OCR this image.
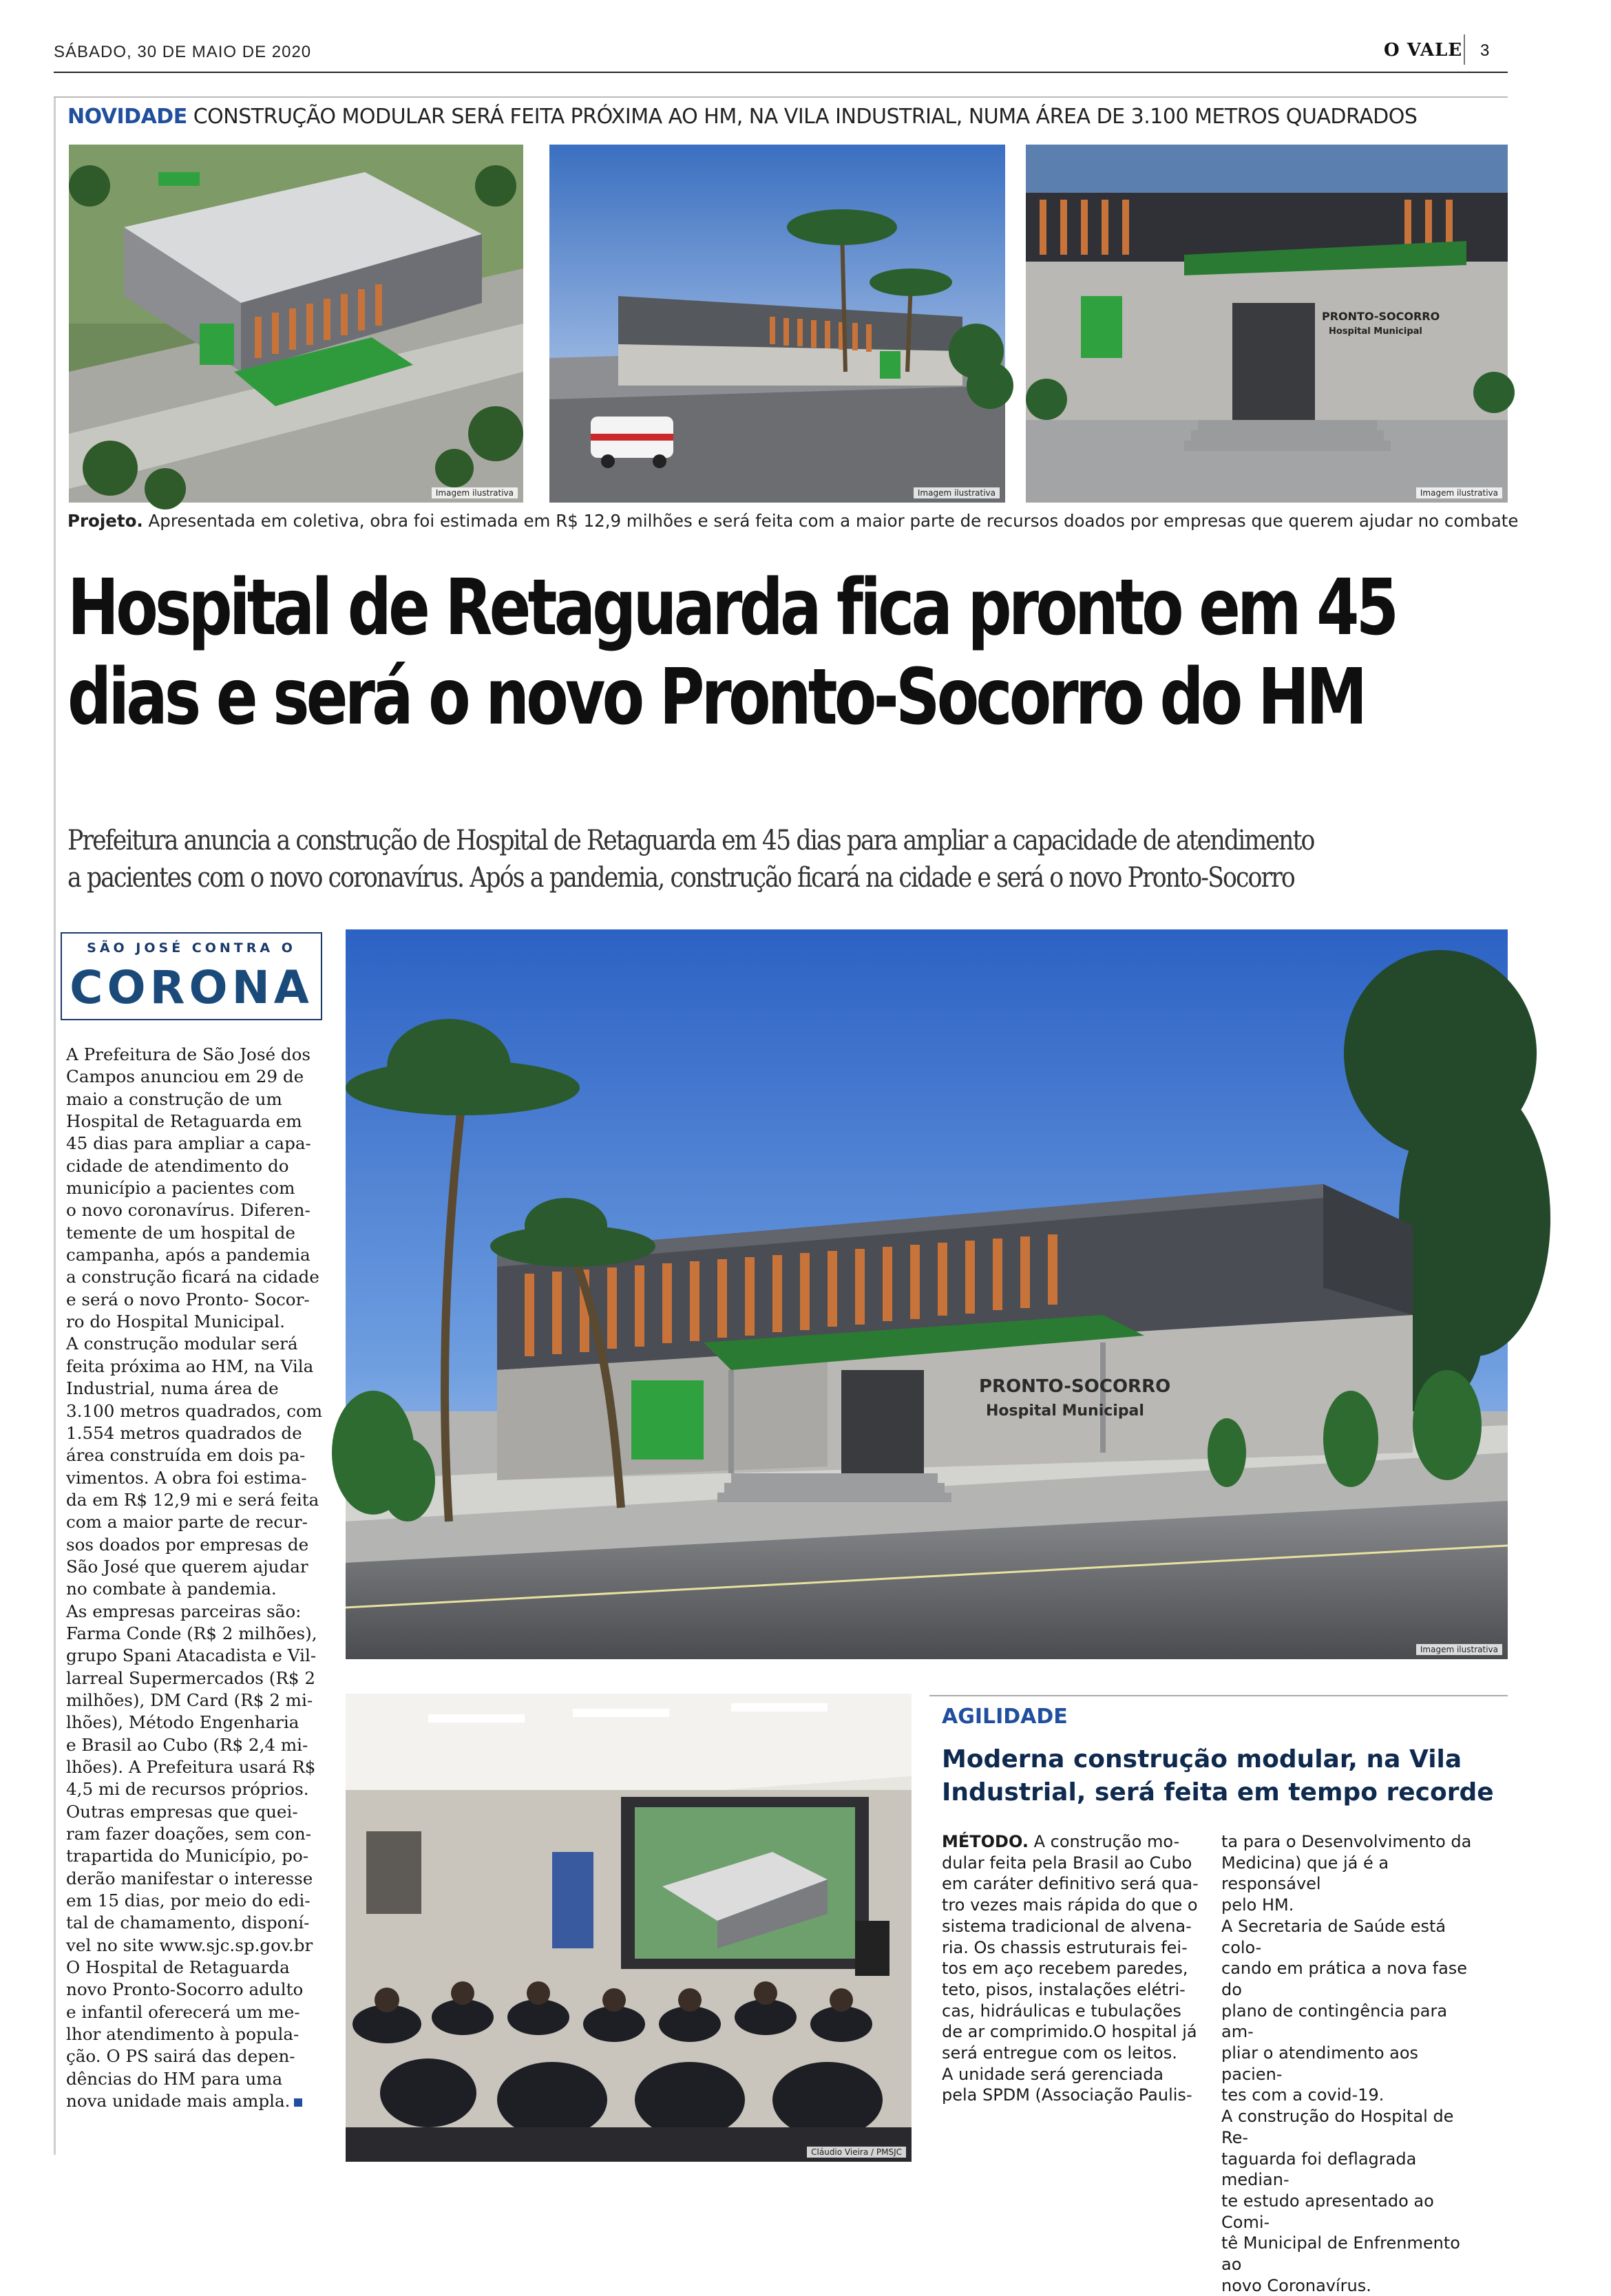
SÁBADO, 30 DE MAIO DE 2020	O VALE 3
NOVIDADE CONSTRUÇÃO MODULAR SERÁ FEITA PRÓXIMA AO HM, NA VILA INDUSTRIAL, NUMA ÁREA DE 3.100 METROS QUADRADOS
Imagem ilustrativa	Imagem ilustrativa
PRONTO-SOCORRO
Hospital Municipal
Imagem ilustrativa
Projeto. Apresentada em coletiva, obra foi estimada em R$ 12,9 milhões e será feita com a maior parte de recursos doados por empresas que querem ajudar no combate
Hospital de Retaguarda fica pronto em 45
dias e será o novo Pronto-Socorro do HM
Prefeitura anuncia a construção de Hospital de Retaguarda em 45 dias para ampliar a capacidade de atendimento
a pacientes com o novo coronavírus. Após a pandemia, construção ficará na cidade e será o novo Pronto-Socorro
SÃO JOSÉ CONTRA O
CORONA
A Prefeitura de São José dos
Campos anunciou em 29 de
maio a construção de um
Hospital de Retaguarda em
45 dias para ampliar a capa-
cidade de atendimento do
município a pacientes com
o novo coronavírus. Diferen-
temente de um hospital de
campanha, após a pandemia
a construção ficará na cidade
e será o novo Pronto- Socor-
ro do Hospital Municipal.
A construção modular será
feita próxima ao HM, na Vila
Industrial, numa área de
3.100 metros quadrados, com
1.554 metros quadrados de
área construída em dois pa-
vimentos. A obra foi estima-
da em R$ 12,9 mi e será feita
com a maior parte de recur-
sos doados por empresas de
São José que querem ajudar
no combate à pandemia.
As empresas parceiras são:
Farma Conde (R$ 2 milhões),
grupo Spani Atacadista e Vil-
larreal Supermercados (R$ 2
milhões), DM Card (R$ 2 mi-
lhões), Método Engenharia
e Brasil ao Cubo (R$ 2,4 mi-
lhões). A Prefeitura usará R$
4,5 mi de recursos próprios.
Outras empresas que quei-
ram fazer doações, sem con-
trapartida do Município, po-
derão manifestar o interesse
em 15 dias, por meio do edi-
tal de chamamento, disponí-
vel no site www.sjc.sp.gov.br
O Hospital de Retaguarda
novo Pronto-Socorro adulto
e infantil oferecerá um me-
lhor atendimento à popula-
ção. O PS sairá das depen-
dências do HM para uma
nova unidade mais ampla.
PRONTO-SOCORRO
Hospital Municipal
Imagem ilustrativa
Cláudio Vieira / PMSJC
AGILIDADE
Moderna construção modular, na Vila Industrial, será feita em tempo recorde
MÉTODO. A construção mo-
dular feita pela Brasil ao Cubo
em caráter definitivo será qua-
tro vezes mais rápida do que o
sistema tradicional de alvena-
ria. Os chassis estruturais fei-
tos em aço recebem paredes,
teto, pisos, instalações elétri-
cas, hidráulicas e tubulações
de ar comprimido.O hospital já
será entregue com os leitos.
A unidade será gerenciada
pela SPDM (Associação Paulis-
ta para o Desenvolvimento da
Medicina) que já é a responsável
pelo HM.
A Secretaria de Saúde está colo-
cando em prática a nova fase do
plano de contingência para am-
pliar o atendimento aos pacien-
tes com a covid-19.
A construção do Hospital de Re-
taguarda foi deflagrada median-
te estudo apresentado ao Comi-
tê Municipal de Enfrenmento ao
novo Coronavírus.
